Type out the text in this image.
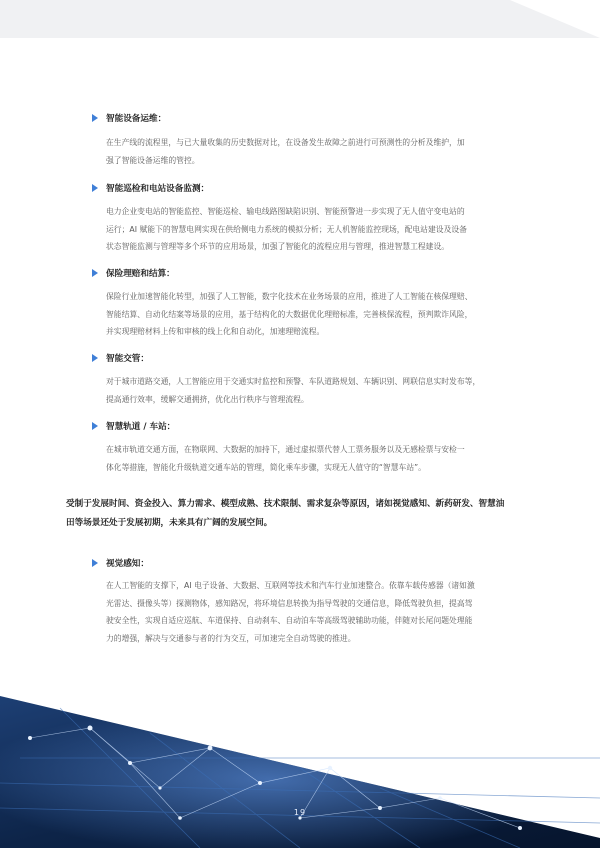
智能设备运维：

在生产线的流程里，与已大量收集的历史数据对比，在设备发生故障之前进行可预测性的分析及维护，加
强了智能设备运维的管控。

智能巡检和电站设备监测：

电力企业变电站的智能监控、智能巡检、输电线路图缺陷识别、智能预警进一步实现了无人值守变电站的
运行；AI 赋能下的智慧电网实现在供给侧电力系统的模拟分析；无人机智能监控现场，配电站建设及设备
状态智能监测与管理等多个环节的应用场景，加强了智能化的流程应用与管理，推进智慧工程建设。

保险理赔和结算：

保险行业加速智能化转型，加强了人工智能，数字化技术在业务场景的应用，推进了人工智能在核保理赔、
智能结算、自动化结案等场景的应用，基于结构化的大数据优化理赔标准，完善核保流程，预判欺诈风险，
并实现理赔材料上传和审核的线上化和自动化，加速理赔流程。

智能交管：

对于城市道路交通，人工智能应用于交通实时监控和预警、车队道路规划、车辆识别、网联信息实时发布等，
提高通行效率，缓解交通拥挤，优化出行秩序与管理流程。

智慧轨道 / 车站：

在城市轨道交通方面，在物联网、大数据的加持下，通过虚拟票代替人工票务服务以及无感检票与安检一
体化等措施，智能化升级轨道交通车站的管理，简化乘车步骤，实现无人值守的“智慧车站”。

受制于发展时间、资金投入、算力需求、模型成熟、技术限制、需求复杂等原因，诸如视觉感知、新药研发、智慧油
田等场景还处于发展初期，未来具有广阔的发展空间。

视觉感知：

在人工智能的支撑下，AI 电子设备、大数据、互联网等技术和汽车行业加速整合。依靠车载传感器（诸如激
光雷达、摄像头等）探测物体，感知路况，将环境信息转换为指导驾驶的交通信息，降低驾驶负担，提高驾
驶安全性，实现自适应巡航、车道保持、自动刹车、自动泊车等高级驾驶辅助功能，伴随对长尾问题处理能
力的增强，解决与交通参与者的行为交互，可加速完全自动驾驶的推进。

19
